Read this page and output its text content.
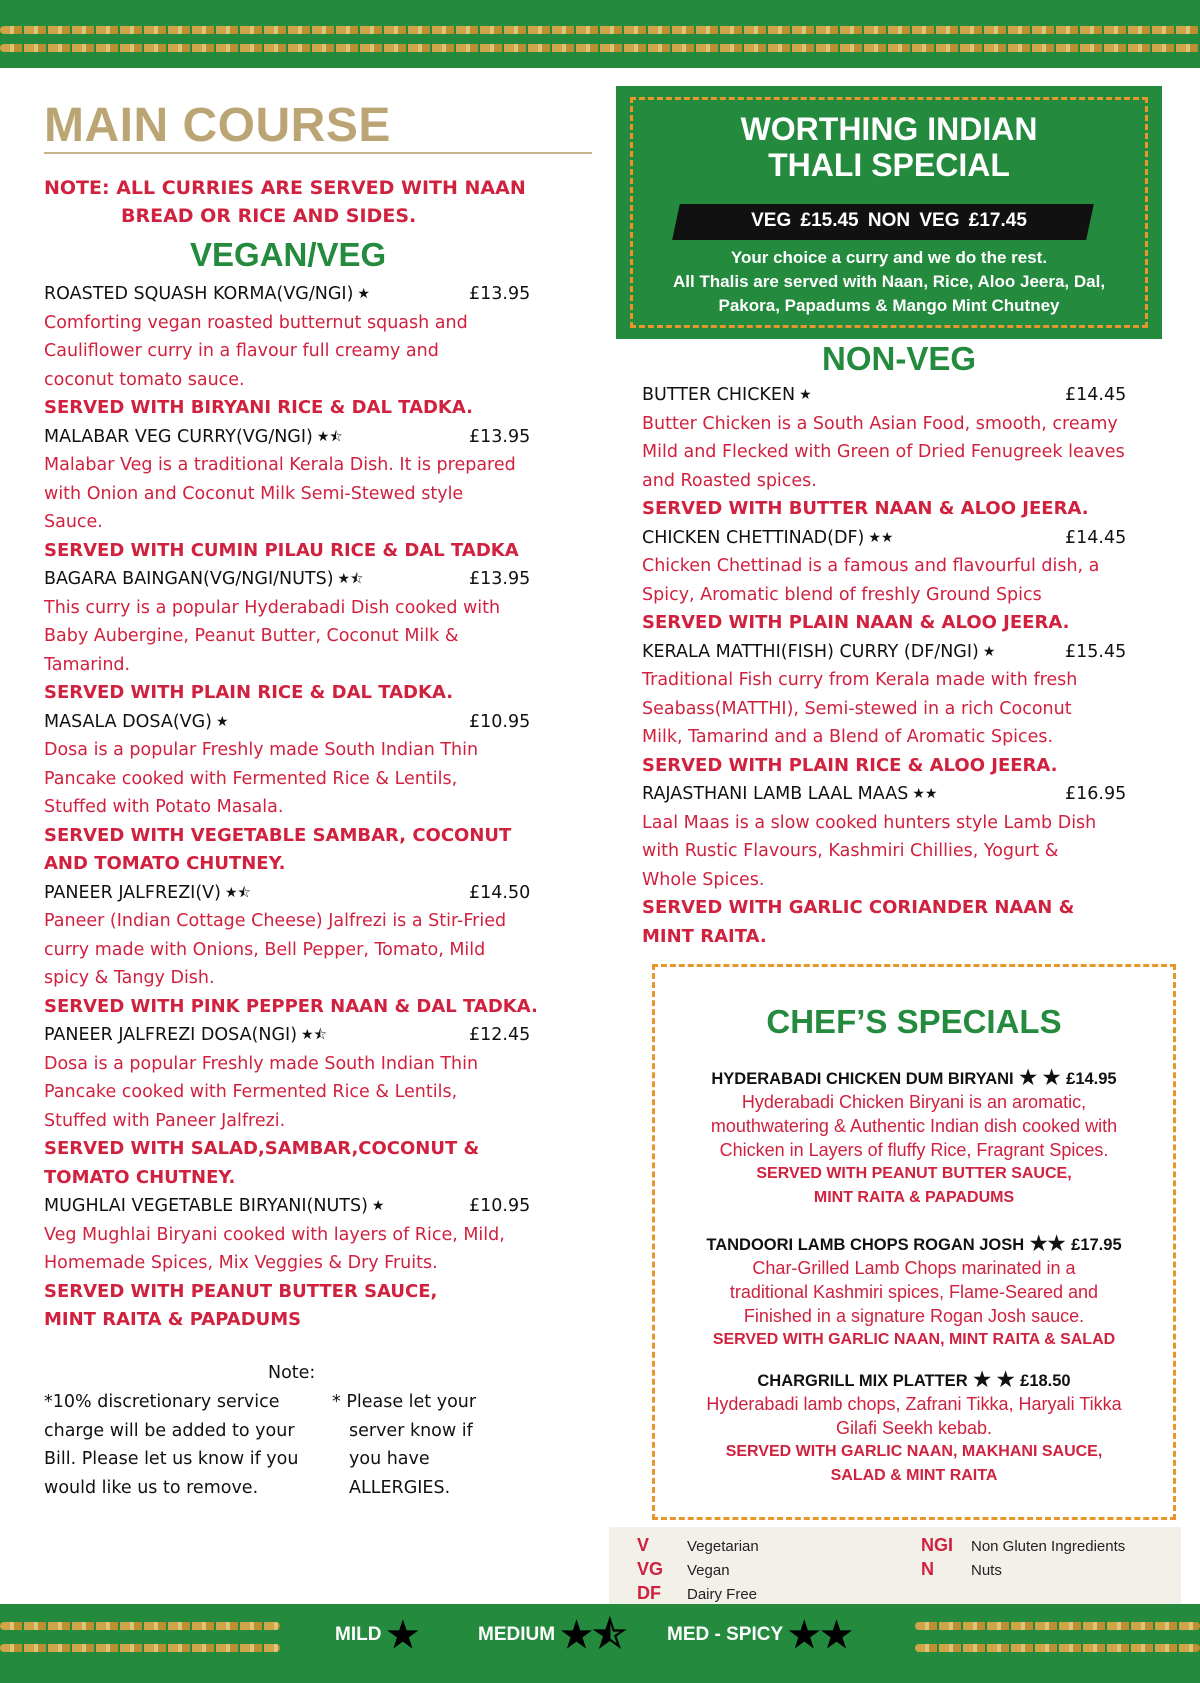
MAIN COURSE
NOTE: ALL CURRIES ARE SERVED WITH NAAN
BREAD OR RICE AND SIDES.
VEGAN/VEG
ROASTED SQUASH KORMA(VG/NGI) ★	£13.95
Comforting vegan roasted butternut squash and
Cauliflower curry in a flavour full creamy and
coconut tomato sauce.
SERVED WITH BIRYANI RICE & DAL TADKA.
MALABAR VEG CURRY(VG/NGI) ★⯪	£13.95
Malabar Veg is a traditional Kerala Dish. It is prepared
with Onion and Coconut Milk Semi-Stewed style
Sauce.
SERVED WITH CUMIN PILAU RICE & DAL TADKA
BAGARA BAINGAN(VG/NGI/NUTS) ★⯪	£13.95
This curry is a popular Hyderabadi Dish cooked with
Baby Aubergine, Peanut Butter, Coconut Milk &
Tamarind.
SERVED WITH PLAIN RICE & DAL TADKA.
MASALA DOSA(VG) ★	£10.95
Dosa is a popular Freshly made South Indian Thin
Pancake cooked with Fermented Rice & Lentils,
Stuffed with Potato Masala.
SERVED WITH VEGETABLE SAMBAR, COCONUT
AND TOMATO CHUTNEY.
PANEER JALFREZI(V) ★⯪	£14.50
Paneer (Indian Cottage Cheese) Jalfrezi is a Stir-Fried
curry made with Onions, Bell Pepper, Tomato, Mild
spicy & Tangy Dish.
SERVED WITH PINK PEPPER NAAN & DAL TADKA.
PANEER JALFREZI DOSA(NGI) ★⯪	£12.45
Dosa is a popular Freshly made South Indian Thin
Pancake cooked with Fermented Rice & Lentils,
Stuffed with Paneer Jalfrezi.
SERVED WITH SALAD,SAMBAR,COCONUT &
TOMATO CHUTNEY.
MUGHLAI VEGETABLE BIRYANI(NUTS) ★	£10.95
Veg Mughlai Biryani cooked with layers of Rice, Mild,
Homemade Spices, Mix Veggies & Dry Fruits.
SERVED WITH PEANUT BUTTER SAUCE,
MINT RAITA & PAPADUMS
Note:
*10% discretionary service
charge will be added to your
Bill. Please let us know if you
would like us to remove.
* Please let your
server know if
you have
ALLERGIES.
WORTHING INDIAN
THALI SPECIAL
VEG £15.45 NON VEG £17.45
Your choice a curry and we do the rest.
All Thalis are served with Naan, Rice, Aloo Jeera, Dal,
Pakora, Papadums & Mango Mint Chutney
NON-VEG
BUTTER CHICKEN ★	£14.45
Butter Chicken is a South Asian Food, smooth, creamy
Mild and Flecked with Green of Dried Fenugreek leaves
and Roasted spices.
SERVED WITH BUTTER NAAN & ALOO JEERA.
CHICKEN CHETTINAD(DF) ★★	£14.45
Chicken Chettinad is a famous and flavourful dish, a
Spicy, Aromatic blend of freshly Ground Spics
SERVED WITH PLAIN NAAN & ALOO JEERA.
KERALA MATTHI(FISH) CURRY (DF/NGI) ★	£15.45
Traditional Fish curry from Kerala made with fresh
Seabass(MATTHI), Semi-stewed in a rich Coconut
Milk, Tamarind and a Blend of Aromatic Spices.
SERVED WITH PLAIN RICE & ALOO JEERA.
RAJASTHANI LAMB LAAL MAAS ★★	£16.95
Laal Maas is a slow cooked hunters style Lamb Dish
with Rustic Flavours, Kashmiri Chillies, Yogurt &
Whole Spices.
SERVED WITH GARLIC CORIANDER NAAN &
MINT RAITA.
CHEF’S SPECIALS
HYDERABADI CHICKEN DUM BIRYANI ★ ★ £14.95
Hyderabadi Chicken Biryani is an aromatic,
mouthwatering & Authentic Indian dish cooked with
Chicken in Layers of fluffy Rice, Fragrant Spices.
SERVED WITH PEANUT BUTTER SAUCE,
MINT RAITA & PAPADUMS
TANDOORI LAMB CHOPS ROGAN JOSH ★★ £17.95
Char-Grilled Lamb Chops marinated in a
traditional Kashmiri spices, Flame-Seared and
Finished in a signature Rogan Josh sauce.
SERVED WITH GARLIC NAAN, MINT RAITA & SALAD
CHARGRILL MIX PLATTER ★ ★ £18.50
Hyderabadi lamb chops, Zafrani Tikka, Haryali Tikka
Gilafi Seekh kebab.
SERVED WITH GARLIC NAAN, MAKHANI SAUCE,
SALAD & MINT RAITA
V	Vegetarian
VG Vegan
DF Dairy Free
NGI Non Gluten Ingredients
N Nuts
MILD ★	MEDIUM ★⯪ MED - SPICY ★★
